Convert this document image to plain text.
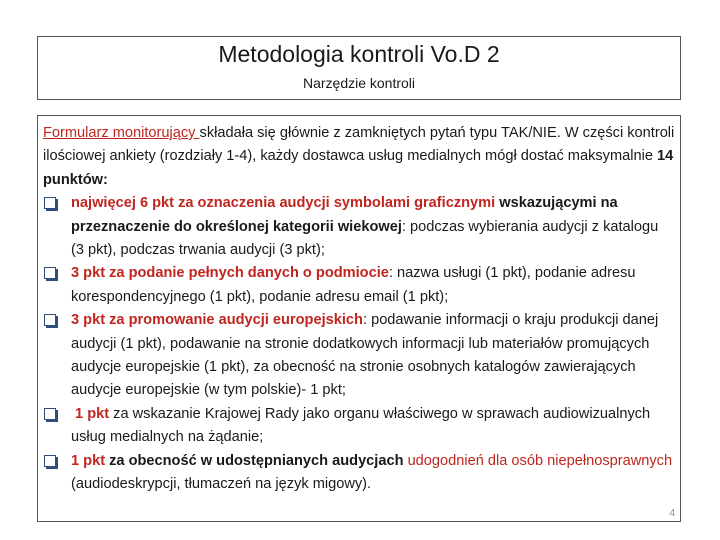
Metodologia kontroli Vo.D 2
Narzędzie kontroli

Formularz monitorujący składała się głównie z zamkniętych pytań typu TAK/NIE. W części kontroli ilościowej ankiety (rozdziały 1-4), każdy dostawca usług medialnych mógł dostać maksymalnie 14 punktów:

najwięcej 6 pkt za oznaczenia audycji symbolami graficznymi wskazującymi na przeznaczenie do określonej kategorii wiekowej: podczas wybierania audycji z katalogu (3 pkt), podczas trwania audycji (3 pkt);
3 pkt za podanie pełnych danych o podmiocie: nazwa usługi (1 pkt), podanie adresu korespondencyjnego (1 pkt), podanie adresu email (1 pkt);
3 pkt za promowanie audycji europejskich: podawanie informacji o kraju produkcji danej audycji (1 pkt), podawanie na stronie dodatkowych informacji lub materiałów promujących audycje europejskie (1 pkt), za obecność na stronie osobnych katalogów zawierających audycje europejskie (w tym polskie)- 1 pkt;
1 pkt za wskazanie Krajowej Rady jako organu właściwego w sprawach audiowizualnych usług medialnych na żądanie;
1 pkt za obecność w udostępnianych audycjach udogodnień dla osób niepełnosprawnych (audiodeskrypcji, tłumaczeń na język migowy).
4
